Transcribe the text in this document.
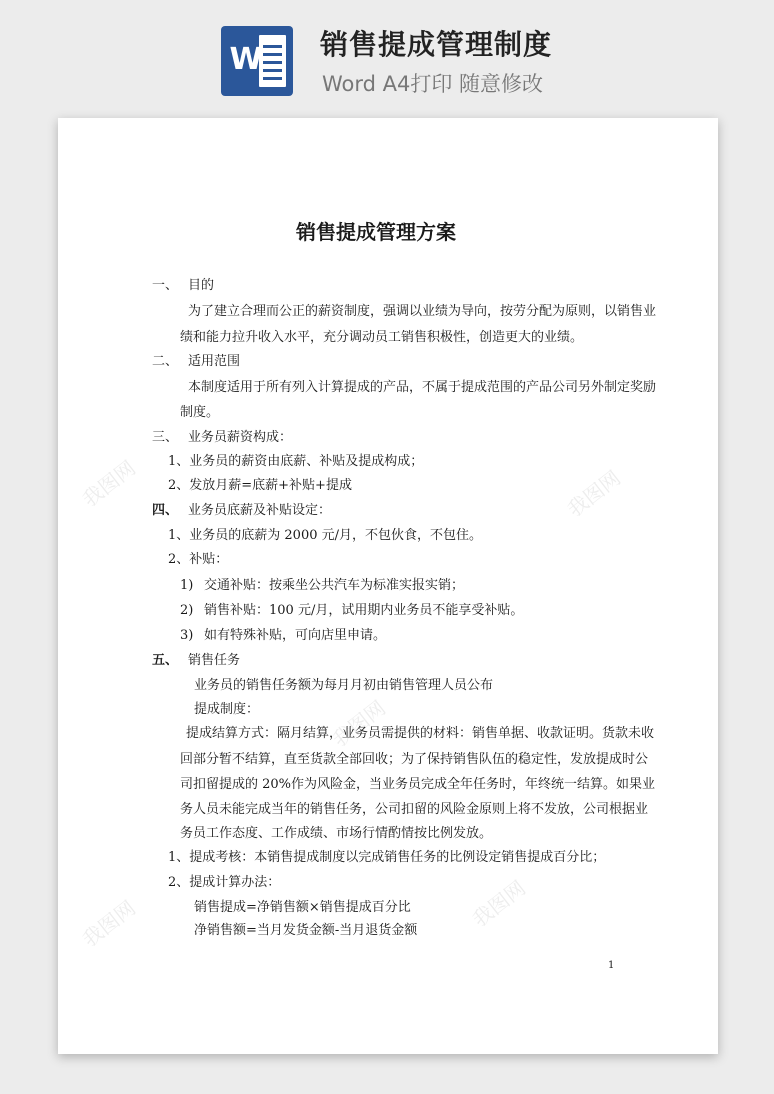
W 销售提成管理制度
Word A4打印 随意修改
我图网	我图网
我图网
我图网	我图网
销售提成管理方案
一、 目的
为了建立合理而公正的薪资制度，强调以业绩为导向，按劳分配为原则，以销售业
绩和能力拉升收入水平，充分调动员工销售积极性，创造更大的业绩。
二、 适用范围
本制度适用于所有列入计算提成的产品，不属于提成范围的产品公司另外制定奖励
制度。
三、 业务员薪资构成：
1、业务员的薪资由底薪、补贴及提成构成；
2、发放月薪=底薪+补贴+提成
四、 业务员底薪及补贴设定：
1、业务员的底薪为 2000 元/月，不包伙食，不包住。
2、补贴：
1) 交通补贴：按乘坐公共汽车为标准实报实销；
2) 销售补贴：100 元/月，试用期内业务员不能享受补贴。
3) 如有特殊补贴，可向店里申请。
五、 销售任务
业务员的销售任务额为每月月初由销售管理人员公布
提成制度：
提成结算方式：隔月结算，业务员需提供的材料：销售单据、收款证明。货款未收
回部分暂不结算，直至货款全部回收；为了保持销售队伍的稳定性，发放提成时公
司扣留提成的 20%作为风险金，当业务员完成全年任务时，年终统一结算。如果业
务人员未能完成当年的销售任务，公司扣留的风险金原则上将不发放，公司根据业
务员工作态度、工作成绩、市场行情酌情按比例发放。
1、提成考核：本销售提成制度以完成销售任务的比例设定销售提成百分比；
2、提成计算办法：
销售提成=净销售额×销售提成百分比
净销售额=当月发货金额-当月退货金额
1
